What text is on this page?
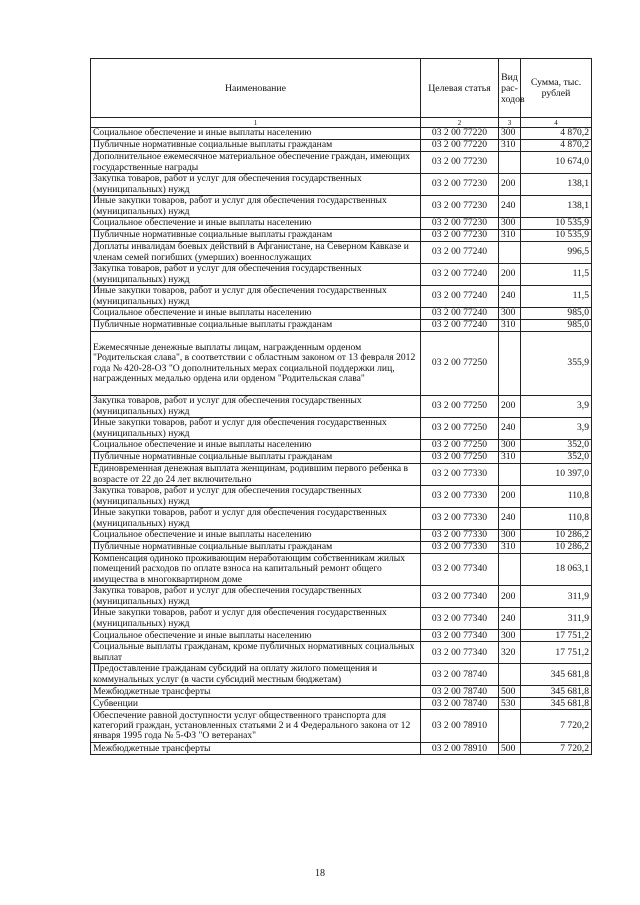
Наименование	Целевая статья	Вид рас-ходов	Сумма, тыс. рублей
1	2	3	4
Социальное обеспечение и иные выплаты населению	03 2 00 77220	300	4 870,2
Публичные нормативные социальные выплаты гражданам	03 2 00 77220	310	4 870,2
Дополнительное ежемесячное материальное обеспечение граждан, имеющих государственные награды	03 2 00 77230		10 674,0
Закупка товаров, работ и услуг для обеспечения государственных (муниципальных) нужд	03 2 00 77230	200	138,1
Иные закупки товаров, работ и услуг для обеспечения государственных (муниципальных) нужд	03 2 00 77230	240	138,1
Социальное обеспечение и иные выплаты населению	03 2 00 77230	300	10 535,9
Публичные нормативные социальные выплаты гражданам	03 2 00 77230	310	10 535,9
Доплаты инвалидам боевых действий в Афганистане, на Северном Кавказе и членам семей погибших (умерших) военнослужащих	03 2 00 77240		996,5
Закупка товаров, работ и услуг для обеспечения государственных (муниципальных) нужд	03 2 00 77240	200	11,5
Иные закупки товаров, работ и услуг для обеспечения государственных (муниципальных) нужд	03 2 00 77240	240	11,5
Социальное обеспечение и иные выплаты населению	03 2 00 77240	300	985,0
Публичные нормативные социальные выплаты гражданам	03 2 00 77240	310	985,0
Ежемесячные денежные выплаты лицам, награжденным орденом "Родительская слава", в соответствии с областным законом от 13 февраля 2012 года № 420-28-ОЗ "О дополнительных мерах социальной поддержки лиц, награжденных медалью ордена или орденом "Родительская слава"	03 2 00 77250		355,9
Закупка товаров, работ и услуг для обеспечения государственных (муниципальных) нужд	03 2 00 77250	200	3,9
Иные закупки товаров, работ и услуг для обеспечения государственных (муниципальных) нужд	03 2 00 77250	240	3,9
Социальное обеспечение и иные выплаты населению	03 2 00 77250	300	352,0
Публичные нормативные социальные выплаты гражданам	03 2 00 77250	310	352,0
Единовременная денежная выплата женщинам, родившим первого ребенка в возрасте от 22 до 24 лет включительно	03 2 00 77330		10 397,0
Закупка товаров, работ и услуг для обеспечения государственных (муниципальных) нужд	03 2 00 77330	200	110,8
Иные закупки товаров, работ и услуг для обеспечения государственных (муниципальных) нужд	03 2 00 77330	240	110,8
Социальное обеспечение и иные выплаты населению	03 2 00 77330	300	10 286,2
Публичные нормативные социальные выплаты гражданам	03 2 00 77330	310	10 286,2
Компенсация одиноко проживающим неработающим собственникам жилых помещений расходов по оплате взноса на капитальный ремонт общего имущества в многоквартирном доме	03 2 00 77340		18 063,1
Закупка товаров, работ и услуг для обеспечения государственных (муниципальных) нужд	03 2 00 77340	200	311,9
Иные закупки товаров, работ и услуг для обеспечения государственных (муниципальных) нужд	03 2 00 77340	240	311,9
Социальное обеспечение и иные выплаты населению	03 2 00 77340	300	17 751,2
Социальные выплаты гражданам, кроме публичных нормативных социальных выплат	03 2 00 77340	320	17 751,2
Предоставление гражданам субсидий на оплату жилого помещения и коммунальных услуг (в части субсидий местным бюджетам)	03 2 00 78740		345 681,8
Межбюджетные трансферты	03 2 00 78740	500	345 681,8
Субвенции	03 2 00 78740	530	345 681,8
Обеспечение равной доступности услуг общественного транспорта для категорий граждан, установленных статьями 2 и 4 Федерального закона от 12 января 1995 года № 5-ФЗ "О ветеранах"	03 2 00 78910		7 720,2
Межбюджетные трансферты	03 2 00 78910	500	7 720,2
18
